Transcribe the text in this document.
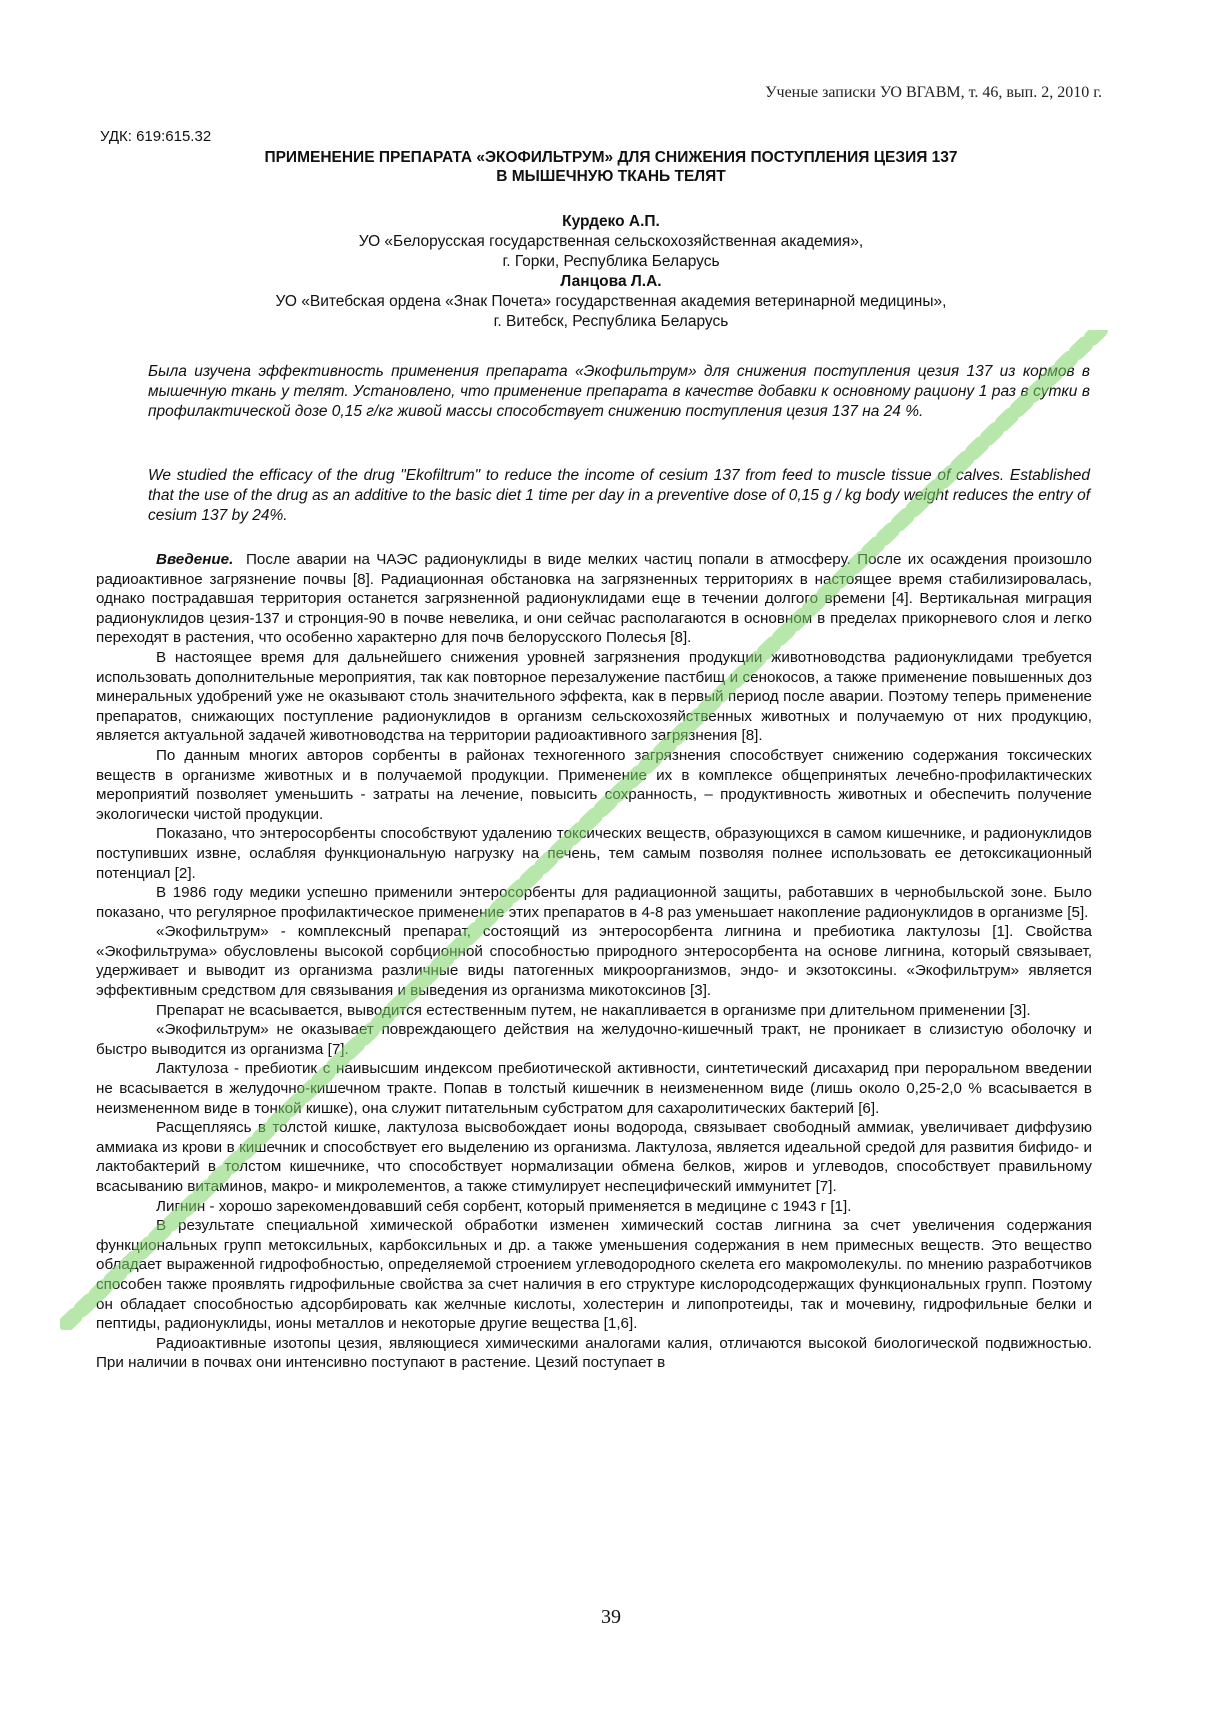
Ученые записки УО ВГАВМ, т. 46, вып. 2, 2010 г.
УДК: 619:615.32
ПРИМЕНЕНИЕ ПРЕПАРАТА «ЭКОФИЛЬТРУМ» ДЛЯ СНИЖЕНИЯ ПОСТУПЛЕНИЯ ЦЕЗИЯ 137
В МЫШЕЧНУЮ ТКАНЬ ТЕЛЯТ
Курдеко А.П.
УО «Белорусская государственная сельскохозяйственная академия»,
г. Горки, Республика Беларусь
Ланцова Л.А.
УО «Витебская ордена «Знак Почета» государственная академия ветеринарной медицины»,
г. Витебск, Республика Беларусь
Была изучена эффективность применения препарата «Экофильтрум» для снижения поступления цезия 137 из кормов в мышечную ткань у телят. Установлено, что применение препарата в качестве добавки к основному рациону 1 раз в сутки в профилактической дозе 0,15 г/кг живой массы способствует снижению поступления цезия 137 на 24 %.
We studied the efficacy of the drug "Ekofiltrum" to reduce the income of cesium 137 from feed to muscle tissue of calves. Established that the use of the drug as an additive to the basic diet 1 time per day in a preventive dose of 0,15 g / kg body weight reduces the entry of cesium 137 by 24%.

Введение. После аварии на ЧАЭС радионуклиды в виде мелких частиц попали в атмосферу. После их осаждения произошло радиоактивное загрязнение почвы [8]. Радиационная обстановка на загрязненных территориях в настоящее время стабилизировалась, однако пострадавшая территория останется загрязненной радионуклидами еще в течении долгого времени [4]. Вертикальная миграция радионуклидов цезия-137 и стронция-90 в почве невелика, и они сейчас располагаются в основном в пределах прикорневого слоя и легко переходят в растения, что особенно характерно для почв белорусского Полесья [8].

В настоящее время для дальнейшего снижения уровней загрязнения продукции животноводства радионуклидами требуется использовать дополнительные мероприятия, так как повторное перезалужение пастбищ и сенокосов, а также применение повышенных доз минеральных удобрений уже не оказывают столь значительного эффекта, как в первый период после аварии. Поэтому теперь применение препаратов, снижающих поступление радионуклидов в организм сельскохозяйственных животных и получаемую от них продукцию, является актуальной задачей животноводства на территории радиоактивного загрязнения [8].

По данным многих авторов сорбенты в районах техногенного загрязнения способствует снижению содержания токсических веществ в организме животных и в получаемой продукции. Применение их в комплексе общепринятых лечебно-профилактических мероприятий позволяет уменьшить - затраты на лечение, повысить сохранность, – продуктивность животных и обеспечить получение экологически чистой продукции.

Показано, что энтеросорбенты способствуют удалению токсических веществ, образующихся в самом кишечнике, и радионуклидов поступивших извне, ослабляя функциональную нагрузку на печень, тем самым позволяя полнее использовать ее детоксикационный потенциал [2].

В 1986 году медики успешно применили энтеросорбенты для радиационной защиты, работавших в чернобыльской зоне. Было показано, что регулярное профилактическое применение этих препаратов в 4-8 раз уменьшает накопление радионуклидов в организме [5].

«Экофильтрум» - комплексный препарат, состоящий из энтеросорбента лигнина и пребиотика лактулозы [1]. Свойства «Экофильтрума» обусловлены высокой сорбционной способностью природного энтеросорбента на основе лигнина, который связывает, удерживает и выводит из организма различные виды патогенных микроорганизмов, эндо- и экзотоксины. «Экофильтрум» является эффективным средством для связывания и выведения из организма микотоксинов [3].

Препарат не всасывается, выводится естественным путем, не накапливается в организме при длительном применении [3].

«Экофильтрум» не оказывает повреждающего действия на желудочно-кишечный тракт, не проникает в слизистую оболочку и быстро выводится из организма [7].

Лактулоза - пребиотик с наивысшим индексом пребиотической активности, синтетический дисахарид при пероральном введении не всасывается в желудочно-кишечном тракте. Попав в толстый кишечник в неизмененном виде (лишь около 0,25-2,0 % всасывается в неизмененном виде в тонкой кишке), она служит питательным субстратом для сахаролитических бактерий [6].

Расщепляясь в толстой кишке, лактулоза высвобождает ионы водорода, связывает свободный аммиак, увеличивает диффузию аммиака из крови в кишечник и способствует его выделению из организма. Лактулоза, является идеальной средой для развития бифидо- и лактобактерий в толстом кишечнике, что способствует нормализации обмена белков, жиров и углеводов, способствует правильному всасыванию витаминов, макро- и микролементов, а также стимулирует неспецифический иммунитет [7].

Лигнин - хорошо зарекомендовавший себя сорбент, который применяется в медицине с 1943 г [1].

В результате специальной химической обработки изменен химический состав лигнина за счет увеличения содержания функциональных групп метоксильных, карбоксильных и др. а также уменьшения содержания в нем примесных веществ. Это вещество обладает выраженной гидрофобностью, определяемой строением углеводородного скелета его макромолекулы. по мнению разработчиков способен также проявлять гидрофильные свойства за счет наличия в его структуре кислородсодержащих функциональных групп. Поэтому он обладает способностью адсорбировать как желчные кислоты, холестерин и липопротеиды, так и мочевину, гидрофильные белки и пептиды, радионуклиды, ионы металлов и некоторые другие вещества [1,6].

Радиоактивные изотопы цезия, являющиеся химическими аналогами калия, отличаются высокой биологической подвижностью. При наличии в почвах они интенсивно поступают в растение. Цезий поступает в

39
